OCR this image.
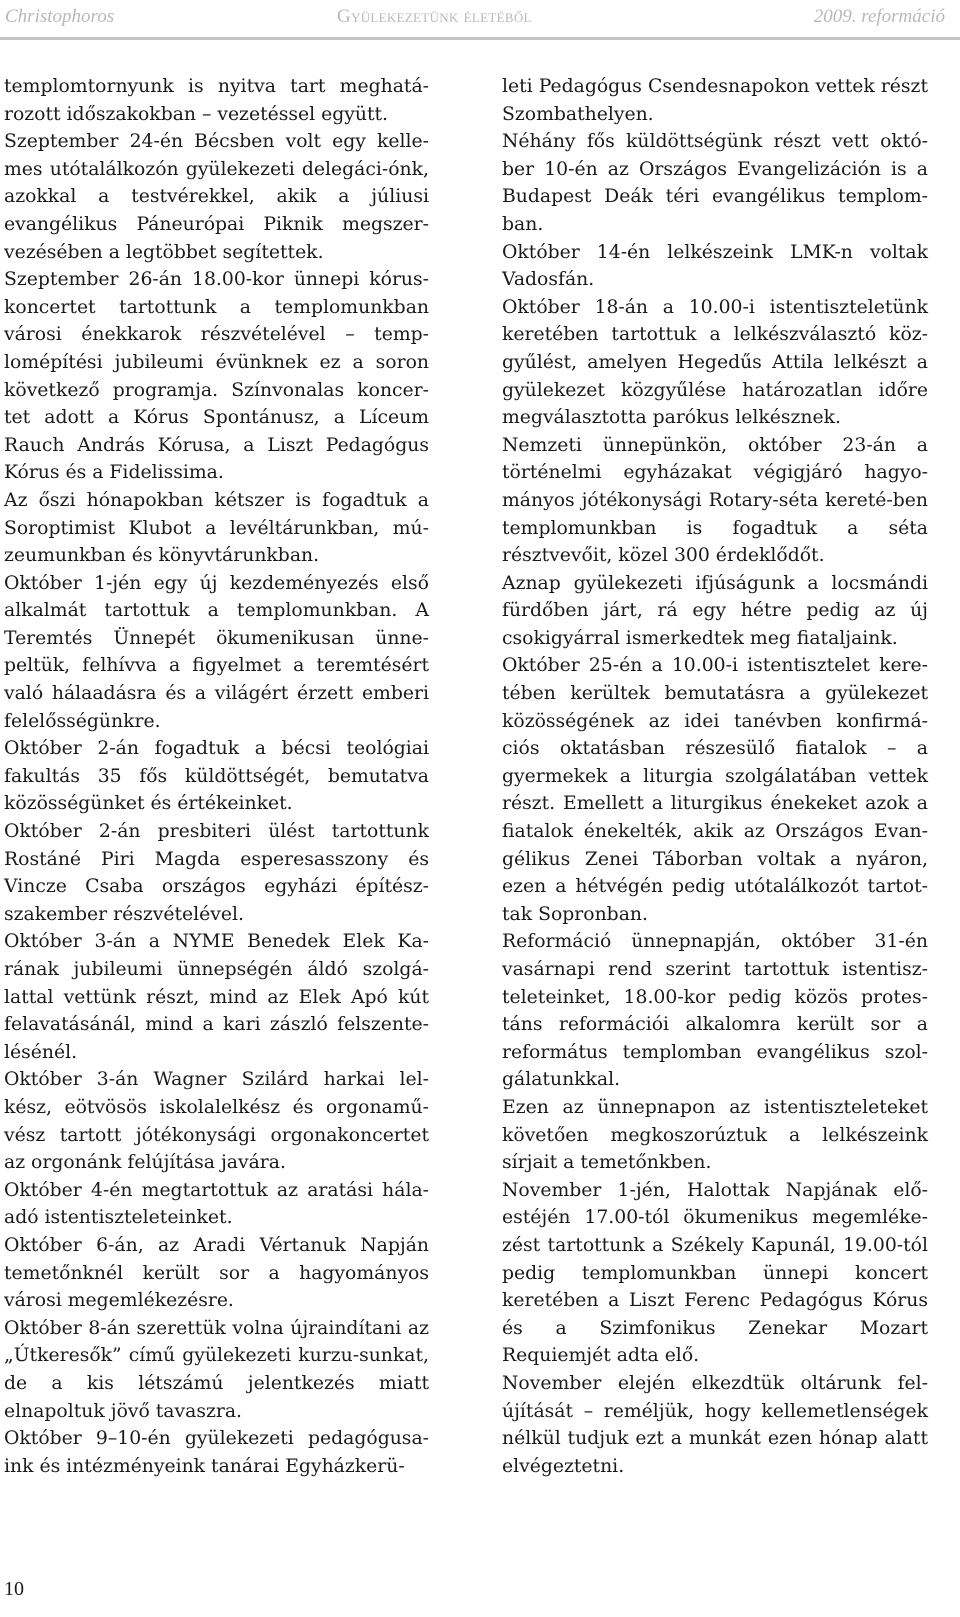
Christophoros	Gyülekezetünk életéből	2009. reformáció

templomtornyunk is nyitva tart meghatá-rozott időszakokban – vezetéssel együtt.

Szeptember 24-én Bécsben volt egy kelle-mes utótalálkozón gyülekezeti delegáci-ónk, azokkal a testvérekkel, akik a júliusi evangélikus Páneurópai Piknik megszer-vezésében a legtöbbet segítettek.

Szeptember 26-án 18.00-kor ünnepi kórus-koncertet tartottunk a templomunkban városi énekkarok részvételével – temp-lomépítési jubileumi évünknek ez a soron következő programja. Színvonalas koncer-tet adott a Kórus Spontánusz, a Líceum Rauch András Kórusa, a Liszt Pedagógus Kórus és a Fidelissima.

Az őszi hónapokban kétszer is fogadtuk a Soroptimist Klubot a levéltárunkban, mú-zeumunkban és könyvtárunkban.

Október 1-jén egy új kezdeményezés első alkalmát tartottuk a templomunkban. A Teremtés Ünnepét ökumenikusan ünne-peltük, felhívva a figyelmet a teremtésért való hálaadásra és a világért érzett emberi felelősségünkre.

Október 2-án fogadtuk a bécsi teológiai fakultás 35 fős küldöttségét, bemutatva közösségünket és értékeinket.

Október 2-án presbiteri ülést tartottunk Rostáné Piri Magda esperesasszony és Vincze Csaba országos egyházi építész-szakember részvételével.

Október 3-án a NYME Benedek Elek Ka-rának jubileumi ünnepségén áldó szolgá-lattal vettünk részt, mind az Elek Apó kút felavatásánál, mind a kari zászló felszente-lésénél.

Október 3-án Wagner Szilárd harkai lel-kész, eötvösös iskolalelkész és orgonamű-vész tartott jótékonysági orgonakoncertet az orgonánk felújítása javára.

Október 4-én megtartottuk az aratási hála-adó istentiszteleteinket.

Október 6-án, az Aradi Vértanuk Napján temetőnknél került sor a hagyományos városi megemlékezésre.

Október 8-án szerettük volna újraindítani az „Útkeresők” című gyülekezeti kurzu-sunkat, de a kis létszámú jelentkezés miatt elnapoltuk jövő tavaszra.

Október 9–10-én gyülekezeti pedagógusa-ink és intézményeink tanárai Egyházkerü-

leti Pedagógus Csendesnapokon vettek részt Szombathelyen.

Néhány fős küldöttségünk részt vett októ-ber 10-én az Országos Evangelizáción is a Budapest Deák téri evangélikus templom-ban.

Október 14-én lelkészeink LMK-n voltak Vadosfán.

Október 18-án a 10.00-i istentiszteletünk keretében tartottuk a lelkészválasztó köz-gyűlést, amelyen Hegedűs Attila lelkészt a gyülekezet közgyűlése határozatlan időre megválasztotta parókus lelkésznek.

Nemzeti ünnepünkön, október 23-án a történelmi egyházakat végigjáró hagyo-mányos jótékonysági Rotary-séta kereté-ben templomunkban is fogadtuk a séta résztvevőit, közel 300 érdeklődőt.

Aznap gyülekezeti ifjúságunk a locsmándi fürdőben járt, rá egy hétre pedig az új csokigyárral ismerkedtek meg fiataljaink.

Október 25-én a 10.00-i istentisztelet kere-tében kerültek bemutatásra a gyülekezet közösségének az idei tanévben konfirmá-ciós oktatásban részesülő fiatalok – a gyermekek a liturgia szolgálatában vettek részt. Emellett a liturgikus énekeket azok a fiatalok énekelték, akik az Országos Evan-gélikus Zenei Táborban voltak a nyáron, ezen a hétvégén pedig utótalálkozót tartot-tak Sopronban.

Reformáció ünnepnapján, október 31-én vasárnapi rend szerint tartottuk istentisz-teleteinket, 18.00-kor pedig közös protes-táns reformációi alkalomra került sor a református templomban evangélikus szol-gálatunkkal.

Ezen az ünnepnapon az istentiszteleteket követően megkoszorúztuk a lelkészeink sírjait a temetőnkben.

November 1-jén, Halottak Napjának elő-estéjén 17.00-tól ökumenikus megemléke-zést tartottunk a Székely Kapunál, 19.00-tól pedig templomunkban ünnepi koncert keretében a Liszt Ferenc Pedagógus Kórus és a Szimfonikus Zenekar Mozart Requiemjét adta elő.

November elején elkezdtük oltárunk fel-újítását – reméljük, hogy kellemetlenségek nélkül tudjuk ezt a munkát ezen hónap alatt elvégeztetni.

10
